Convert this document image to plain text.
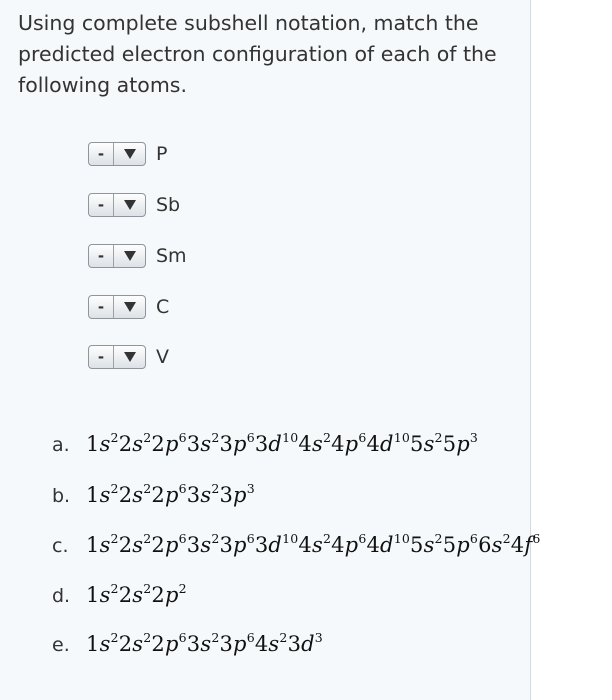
Using complete subshell notation, match the predicted electron configuration of each of the following atoms.
-	P
-	Sb
-	Sm
-	C
-	V
a. $1s^22s^22p^63s^23p^63d^{10}4s^24p^64d^{10}5s^25p^3$
b. $1s^22s^22p^63s^23p^3$
c. $1s^22s^22p^63s^23p^63d^{10}4s^24p^64d^{10}5s^25p^66s^24f^6$
d. $1s^22s^22p^2$
e. $1s^22s^22p^63s^23p^64s^23d^3$
